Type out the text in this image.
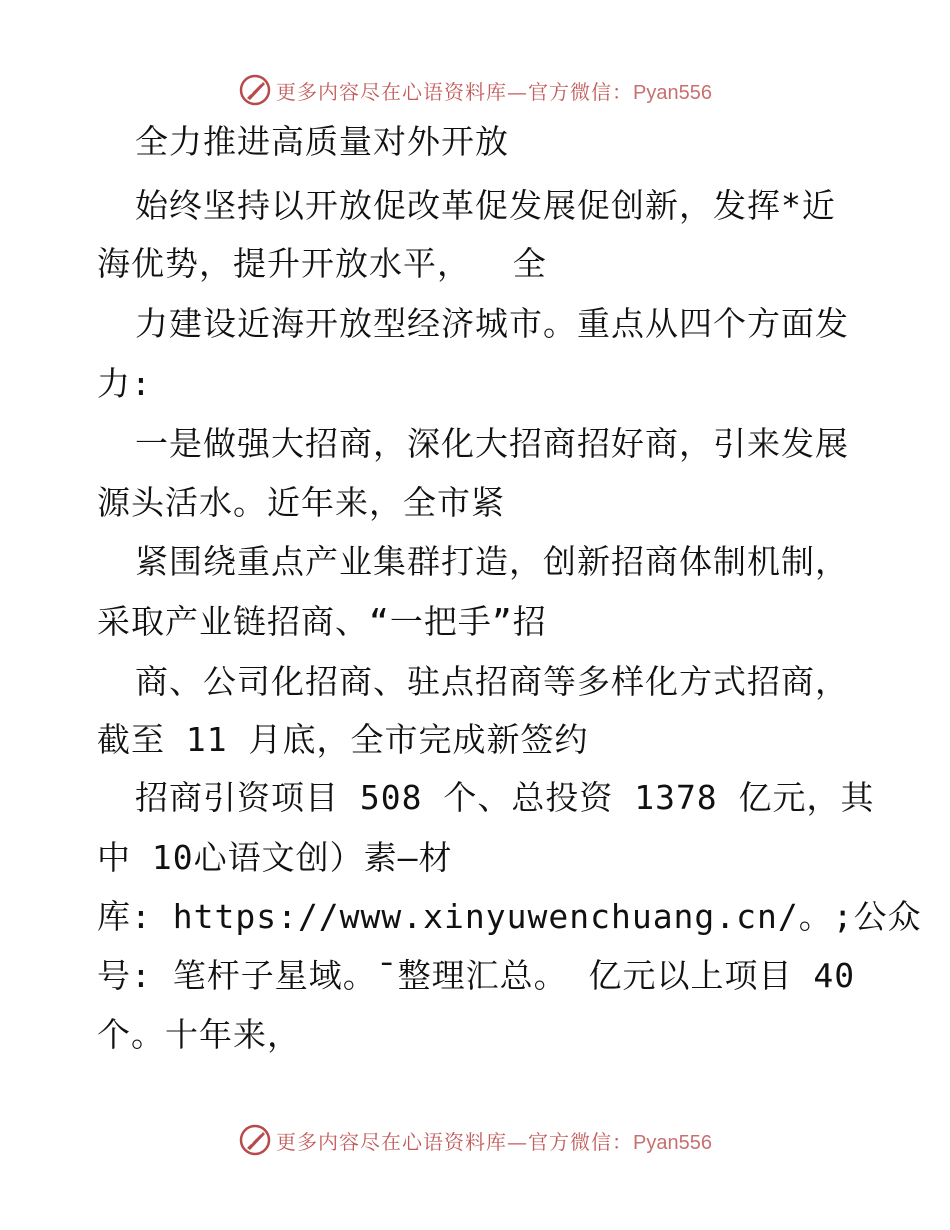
更多内容尽在心语资料库—官方微信：Pyan556
全力推进高质量对外开放
始终坚持以开放促改革促发展促创新，发挥*近
海优势，提升开放水平，  全
力建设近海开放型经济城市。重点从四个方面发
力:
一是做强大招商，深化大招商招好商，引来发展
源头活水。近年来，全市紧
紧围绕重点产业集群打造，创新招商体制机制，
采取产业链招商、“一把手”招
商、公司化招商、驻点招商等多样化方式招商，
截至 11 月底，全市完成新签约
招商引资项目 508 个、总投资 1378 亿元，其
中 10心语文创）素—材
库: https://www.xinyuwenchuang.cn/。;公众
号: 笔杆子星域。¯整理汇总。 亿元以上项目 40
个。十年来，
更多内容尽在心语资料库—官方微信：Pyan556
